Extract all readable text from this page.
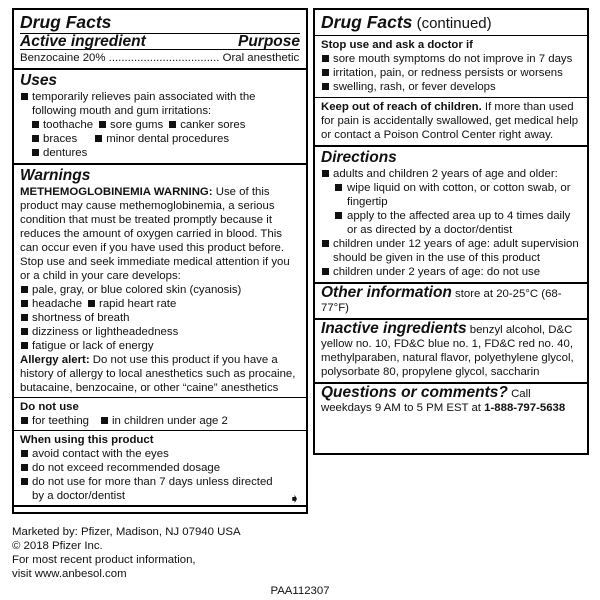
Drug Facts
Active ingredient	Purpose
Benzocaine 20% ................................... Oral anesthetic
Uses
temporarily relieves pain associated with the following mouth and gum irritations:
toothache sore gums canker sores
braces	minor dental procedures
dentures
Warnings
METHEMOGLOBINEMIA WARNING: Use of this product may cause methemoglobinemia, a serious condition that must be treated promptly because it reduces the amount of oxygen carried in blood. This can occur even if you have used this product before. Stop use and seek immediate medical attention if you or a child in your care develops:
pale, gray, or blue colored skin (cyanosis)
headache rapid heart rate
shortness of breath
dizziness or lightheadedness
fatigue or lack of energy
Allergy alert: Do not use this product if you have a history of allergy to local anesthetics such as procaine, butacaine, benzocaine, or other “caine” anesthetics
Do not use
for teething in children under age 2
When using this product
avoid contact with the eyes
do not exceed recommended dosage
do not use for more than 7 days unless directed by a doctor/dentist	➧
Drug Facts (continued)
Stop use and ask a doctor if
sore mouth symptoms do not improve in 7 days
irritation, pain, or redness persists or worsens
swelling, rash, or fever develops
Keep out of reach of children. If more than used for pain is accidentally swallowed, get medical help or contact a Poison Control Center right away.
Directions
adults and children 2 years of age and older:
wipe liquid on with cotton, or cotton swab, or fingertip
apply to the affected area up to 4 times daily or as directed by a doctor/dentist
children under 12 years of age: adult supervision should be given in the use of this product
children under 2 years of age: do not use
Other information store at 20-25°C (68-77°F)
Inactive ingredients benzyl alcohol, D&C yellow no. 10, FD&C blue no. 1, FD&C red no. 40, methylparaben, natural flavor, polyethylene glycol, polysorbate 80, propylene glycol, saccharin
Questions or comments? Call weekdays 9 AM to 5 PM EST at 1-888-797-5638
Marketed by: Pfizer, Madison, NJ 07940 USA
© 2018 Pfizer Inc.
For most recent product information,
visit www.anbesol.com
PAA112307
